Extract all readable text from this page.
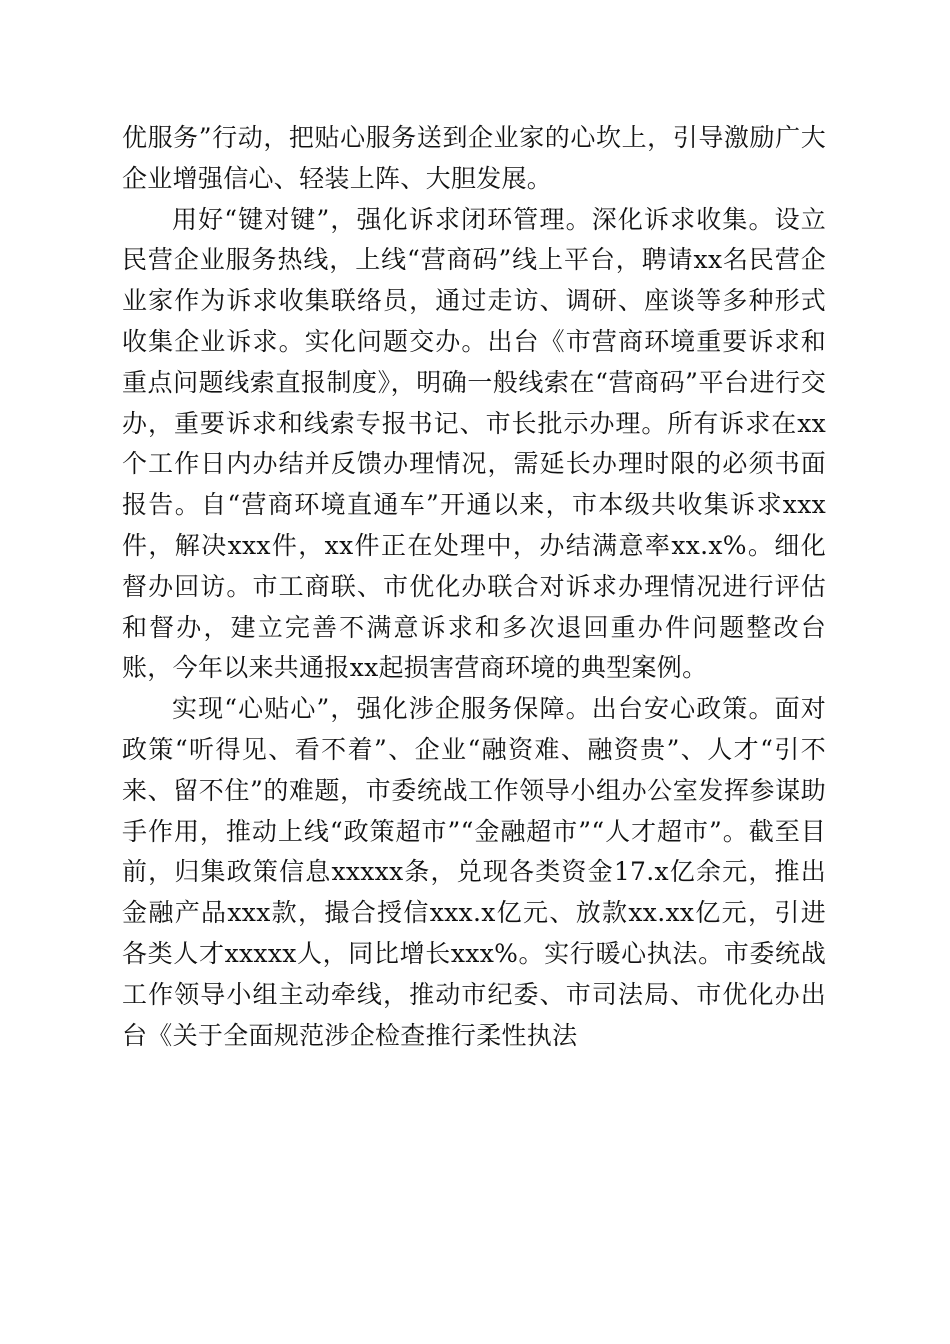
优服务”行动，把贴心服务送到企业家的心坎上，引导激励广大企业增强信心、轻装上阵、大胆发展。

用好“键对键”，强化诉求闭环管理。深化诉求收集。设立民营企业服务热线，上线“营商码”线上平台，聘请xx名民营企业家作为诉求收集联络员，通过走访、调研、座谈等多种形式收集企业诉求。实化问题交办。出台《市营商环境重要诉求和重点问题线索直报制度》，明确一般线索在“营商码”平台进行交办，重要诉求和线索专报书记、市长批示办理。所有诉求在xx个工作日内办结并反馈办理情况，需延长办理时限的必须书面报告。自“营商环境直通车”开通以来，市本级共收集诉求xxx件，解决xxx件，xx件正在处理中，办结满意率xx.x%。细化督办回访。市工商联、市优化办联合对诉求办理情况进行评估和督办，建立完善不满意诉求和多次退回重办件问题整改台账，今年以来共通报xx起损害营商环境的典型案例。

实现“心贴心”，强化涉企服务保障。出台安心政策。面对政策“听得见、看不着”、企业“融资难、融资贵”、人才“引不来、留不住”的难题，市委统战工作领导小组办公室发挥参谋助手作用，推动上线“政策超市”“金融超市”“人才超市”。截至目前，归集政策信息xxxxx条，兑现各类资金17.x亿余元，推出金融产品xxx款，撮合授信xxx.x亿元、放款xx.xx亿元，引进各类人才xxxxx人，同比增长xxx%。实行暖心执法。市委统战工作领导小组主动牵线，推动市纪委、市司法局、市优化办出台《关于全面规范涉企检查推行柔性执法
